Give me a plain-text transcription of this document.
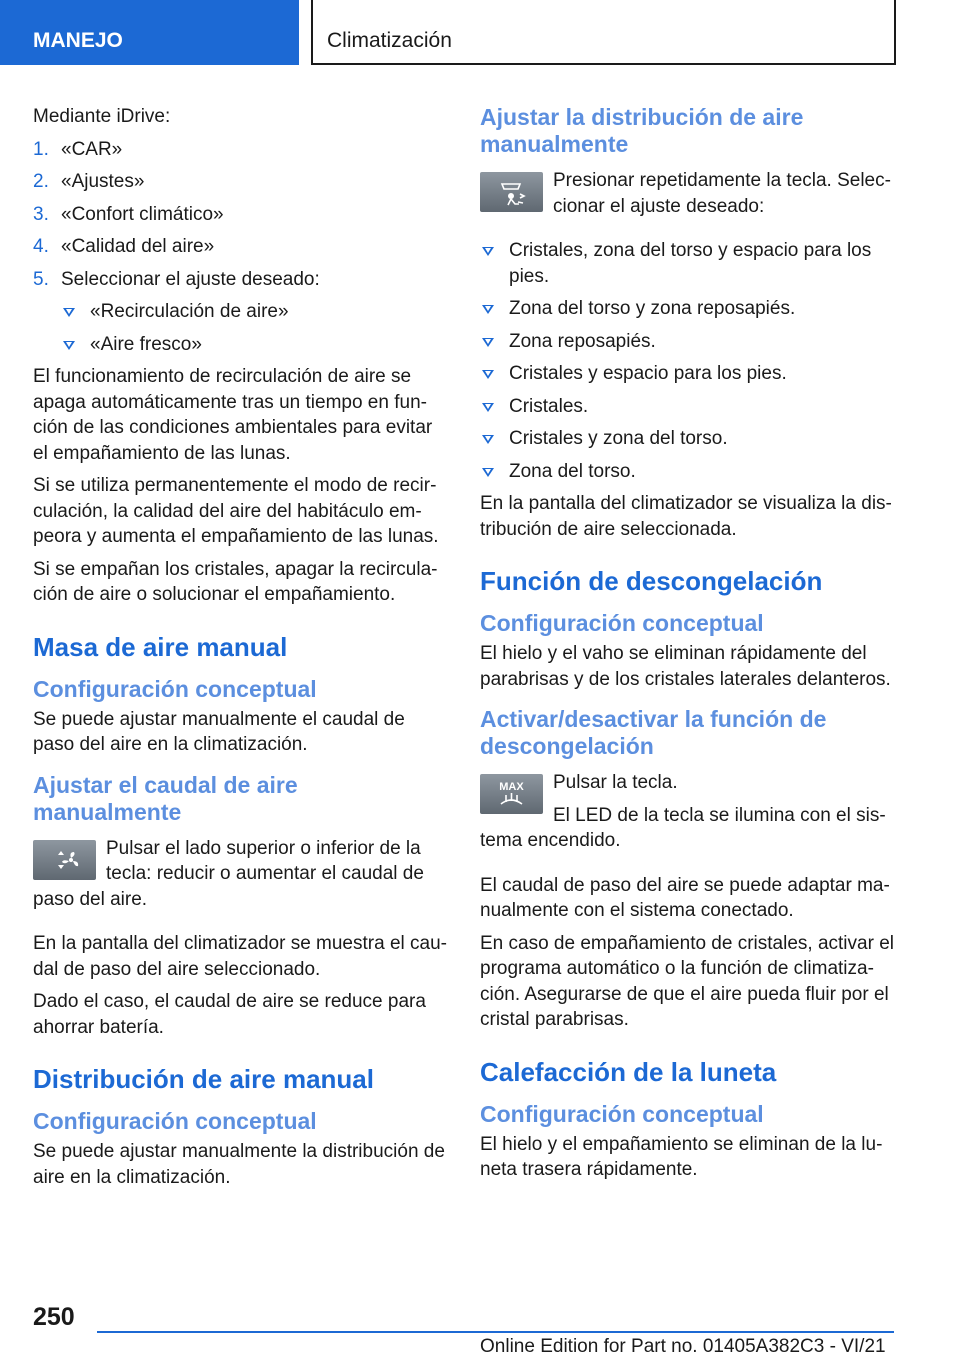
MANEJO	Climatización

Mediante iDrive:

1. «CAR»
2. «Ajustes»
3. «Confort climático»
4. «Calidad del aire»
5. Seleccionar el ajuste deseado:
«Recirculación de aire»
«Aire fresco»

El funcionamiento de recirculación de aire se apaga automáticamente tras un tiempo en función de las condiciones ambientales para evitar el empañamiento de las lunas.

Si se utiliza permanentemente el modo de recirculación, la calidad del aire del habitáculo empeora y aumenta el empañamiento de las lunas.

Si se empañan los cristales, apagar la recirculación de aire o solucionar el empañamiento.

Masa de aire manual
Configuración conceptual

Se puede ajustar manualmente el caudal de paso del aire en la climatización.

Ajustar el caudal de aire manualmente

Pulsar el lado superior o inferior de la tecla: reducir o aumentar el caudal de paso del aire.

En la pantalla del climatizador se muestra el caudal de paso del aire seleccionado.

Dado el caso, el caudal de aire se reduce para ahorrar batería.

Distribución de aire manual
Configuración conceptual

Se puede ajustar manualmente la distribución de aire en la climatización.

Ajustar la distribución de aire manualmente

Presionar repetidamente la tecla. Seleccionar el ajuste deseado:

Cristales, zona del torso y espacio para los pies.
Zona del torso y zona reposapiés.
Zona reposapiés.
Cristales y espacio para los pies.
Cristales.
Cristales y zona del torso.
Zona del torso.

En la pantalla del climatizador se visualiza la distribución de aire seleccionada.

Función de descongelación
Configuración conceptual

El hielo y el vaho se eliminan rápidamente del parabrisas y de los cristales laterales delanteros.

Activar/desactivar la función de descongelación
MAX	Pulsar la tecla.

El LED de la tecla se ilumina con el sistema encendido.

El caudal de paso del aire se puede adaptar manualmente con el sistema conectado.

En caso de empañamiento de cristales, activar el programa automático o la función de climatización. Asegurarse de que el aire pueda fluir por el cristal parabrisas.

Calefacción de la luneta
Configuración conceptual

El hielo y el empañamiento se eliminan de la luneta trasera rápidamente.

250
Online Edition for Part no. 01405A382C3 - VI/21
